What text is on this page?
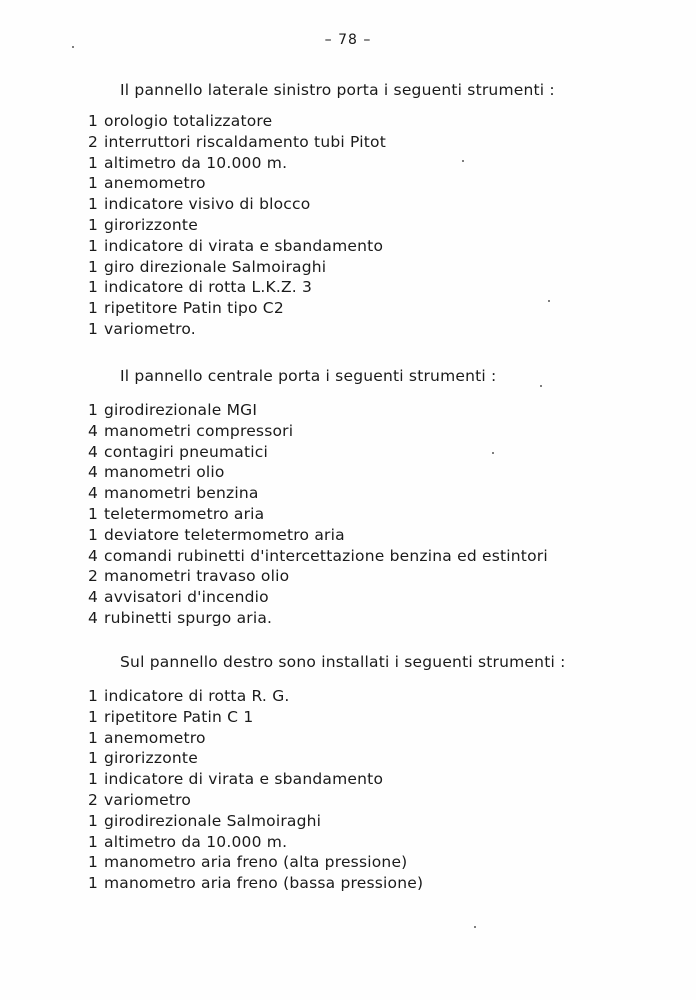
– 78 –
Il pannello laterale sinistro porta i seguenti strumenti :
1 orologio totalizzatore
2 interruttori riscaldamento tubi Pitot
1 altimetro da 10.000 m.
1 anemometro
1 indicatore visivo di blocco
1 girorizzonte
1 indicatore di virata e sbandamento
1 giro direzionale Salmoiraghi
1 indicatore di rotta L.K.Z. 3
1 ripetitore Patin tipo C2
1 variometro.
Il pannello centrale porta i seguenti strumenti :
1 girodirezionale MGI
4 manometri compressori
4 contagiri pneumatici
4 manometri olio
4 manometri benzina
1 teletermometro aria
1 deviatore teletermometro aria
4 comandi rubinetti d'intercettazione benzina ed estintori
2 manometri travaso olio
4 avvisatori d'incendio
4 rubinetti spurgo aria.
Sul pannello destro sono installati i seguenti strumenti :
1 indicatore di rotta R. G.
1 ripetitore Patin C 1
1 anemometro
1 girorizzonte
1 indicatore di virata e sbandamento
2 variometro
1 girodirezionale Salmoiraghi
1 altimetro da 10.000 m.
1 manometro aria freno (alta pressione)
1 manometro aria freno (bassa pressione)
